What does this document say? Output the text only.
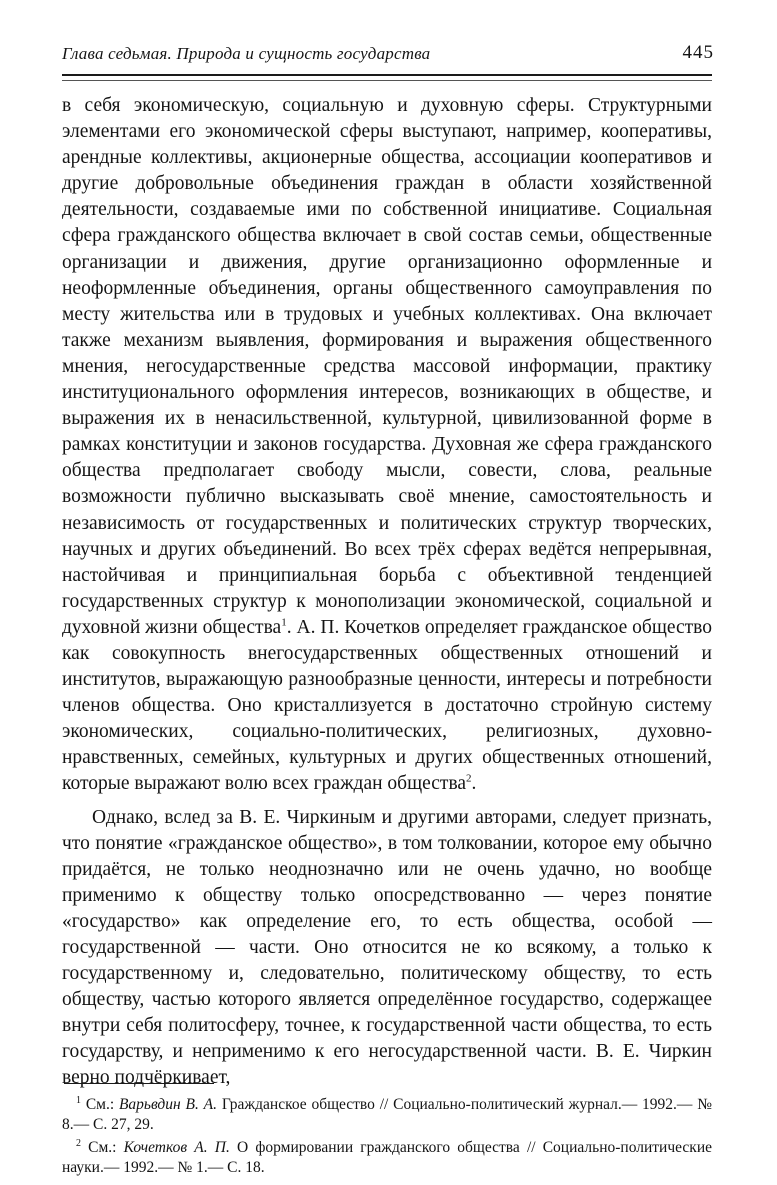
Глава седьмая. Природа и сущность государства	445

в себя экономическую, социальную и духовную сферы. Структурными элементами его экономической сферы выступают, например, кооперативы, арендные коллективы, акционерные общества, ассоциации кооперативов и другие добровольные объединения граждан в области хозяйственной деятельности, создаваемые ими по собственной инициативе. Социальная сфера гражданского общества включает в свой состав семьи, общественные организации и движения, другие организационно оформленные и неоформленные объединения, органы общественного самоуправления по месту жительства или в трудовых и учебных коллективах. Она включает также механизм выявления, формирования и выражения общественного мнения, негосударственные средства массовой информации, практику институционального оформления интересов, возникающих в обществе, и выражения их в ненасильственной, культурной, цивилизованной форме в рамках конституции и законов государства. Духовная же сфера гражданского общества предполагает свободу мысли, совести, слова, реальные возможности публично высказывать своё мнение, самостоятельность и независимость от государственных и политических структур творческих, научных и других объединений. Во всех трёх сферах ведётся непрерывная, настойчивая и принципиальная борьба с объективной тенденцией государственных структур к монополизации экономической, социальной и духовной жизни общества$^1$. А. П. Кочетков определяет гражданское общество как совокупность внегосударственных общественных отношений и институтов, выражающую разнообразные ценности, интересы и потребности членов общества. Оно кристаллизуется в достаточно стройную систему экономических, социально-политических, религиозных, духовно-нравственных, семейных, культурных и других общественных отношений, которые выражают волю всех граждан общества$^2$.

Однако, вслед за В. Е. Чиркиным и другими авторами, следует признать, что понятие «гражданское общество», в том толковании, которое ему обычно придаётся, не только неоднозначно или не очень удачно, но вообще применимо к обществу только опосредствованно — через понятие «государство» как определение его, то есть общества, особой — государственной — части. Оно относится не ко всякому, а только к государственному и, следовательно, политическому обществу, то есть обществу, частью которого является определённое государство, содержащее внутри себя политосферу, точнее, к государственной части общества, то есть государству, и неприменимо к его негосударственной части. В. Е. Чиркин верно подчёркивает,

$^1$ См.: Варьвдин В. А. Гражданское общество // Социально-политический журнал.— 1992.— № 8.— С. 27, 29.

$^2$ См.: Кочетков А. П. О формировании гражданского общества // Социально-политические науки.— 1992.— № 1.— С. 18.
